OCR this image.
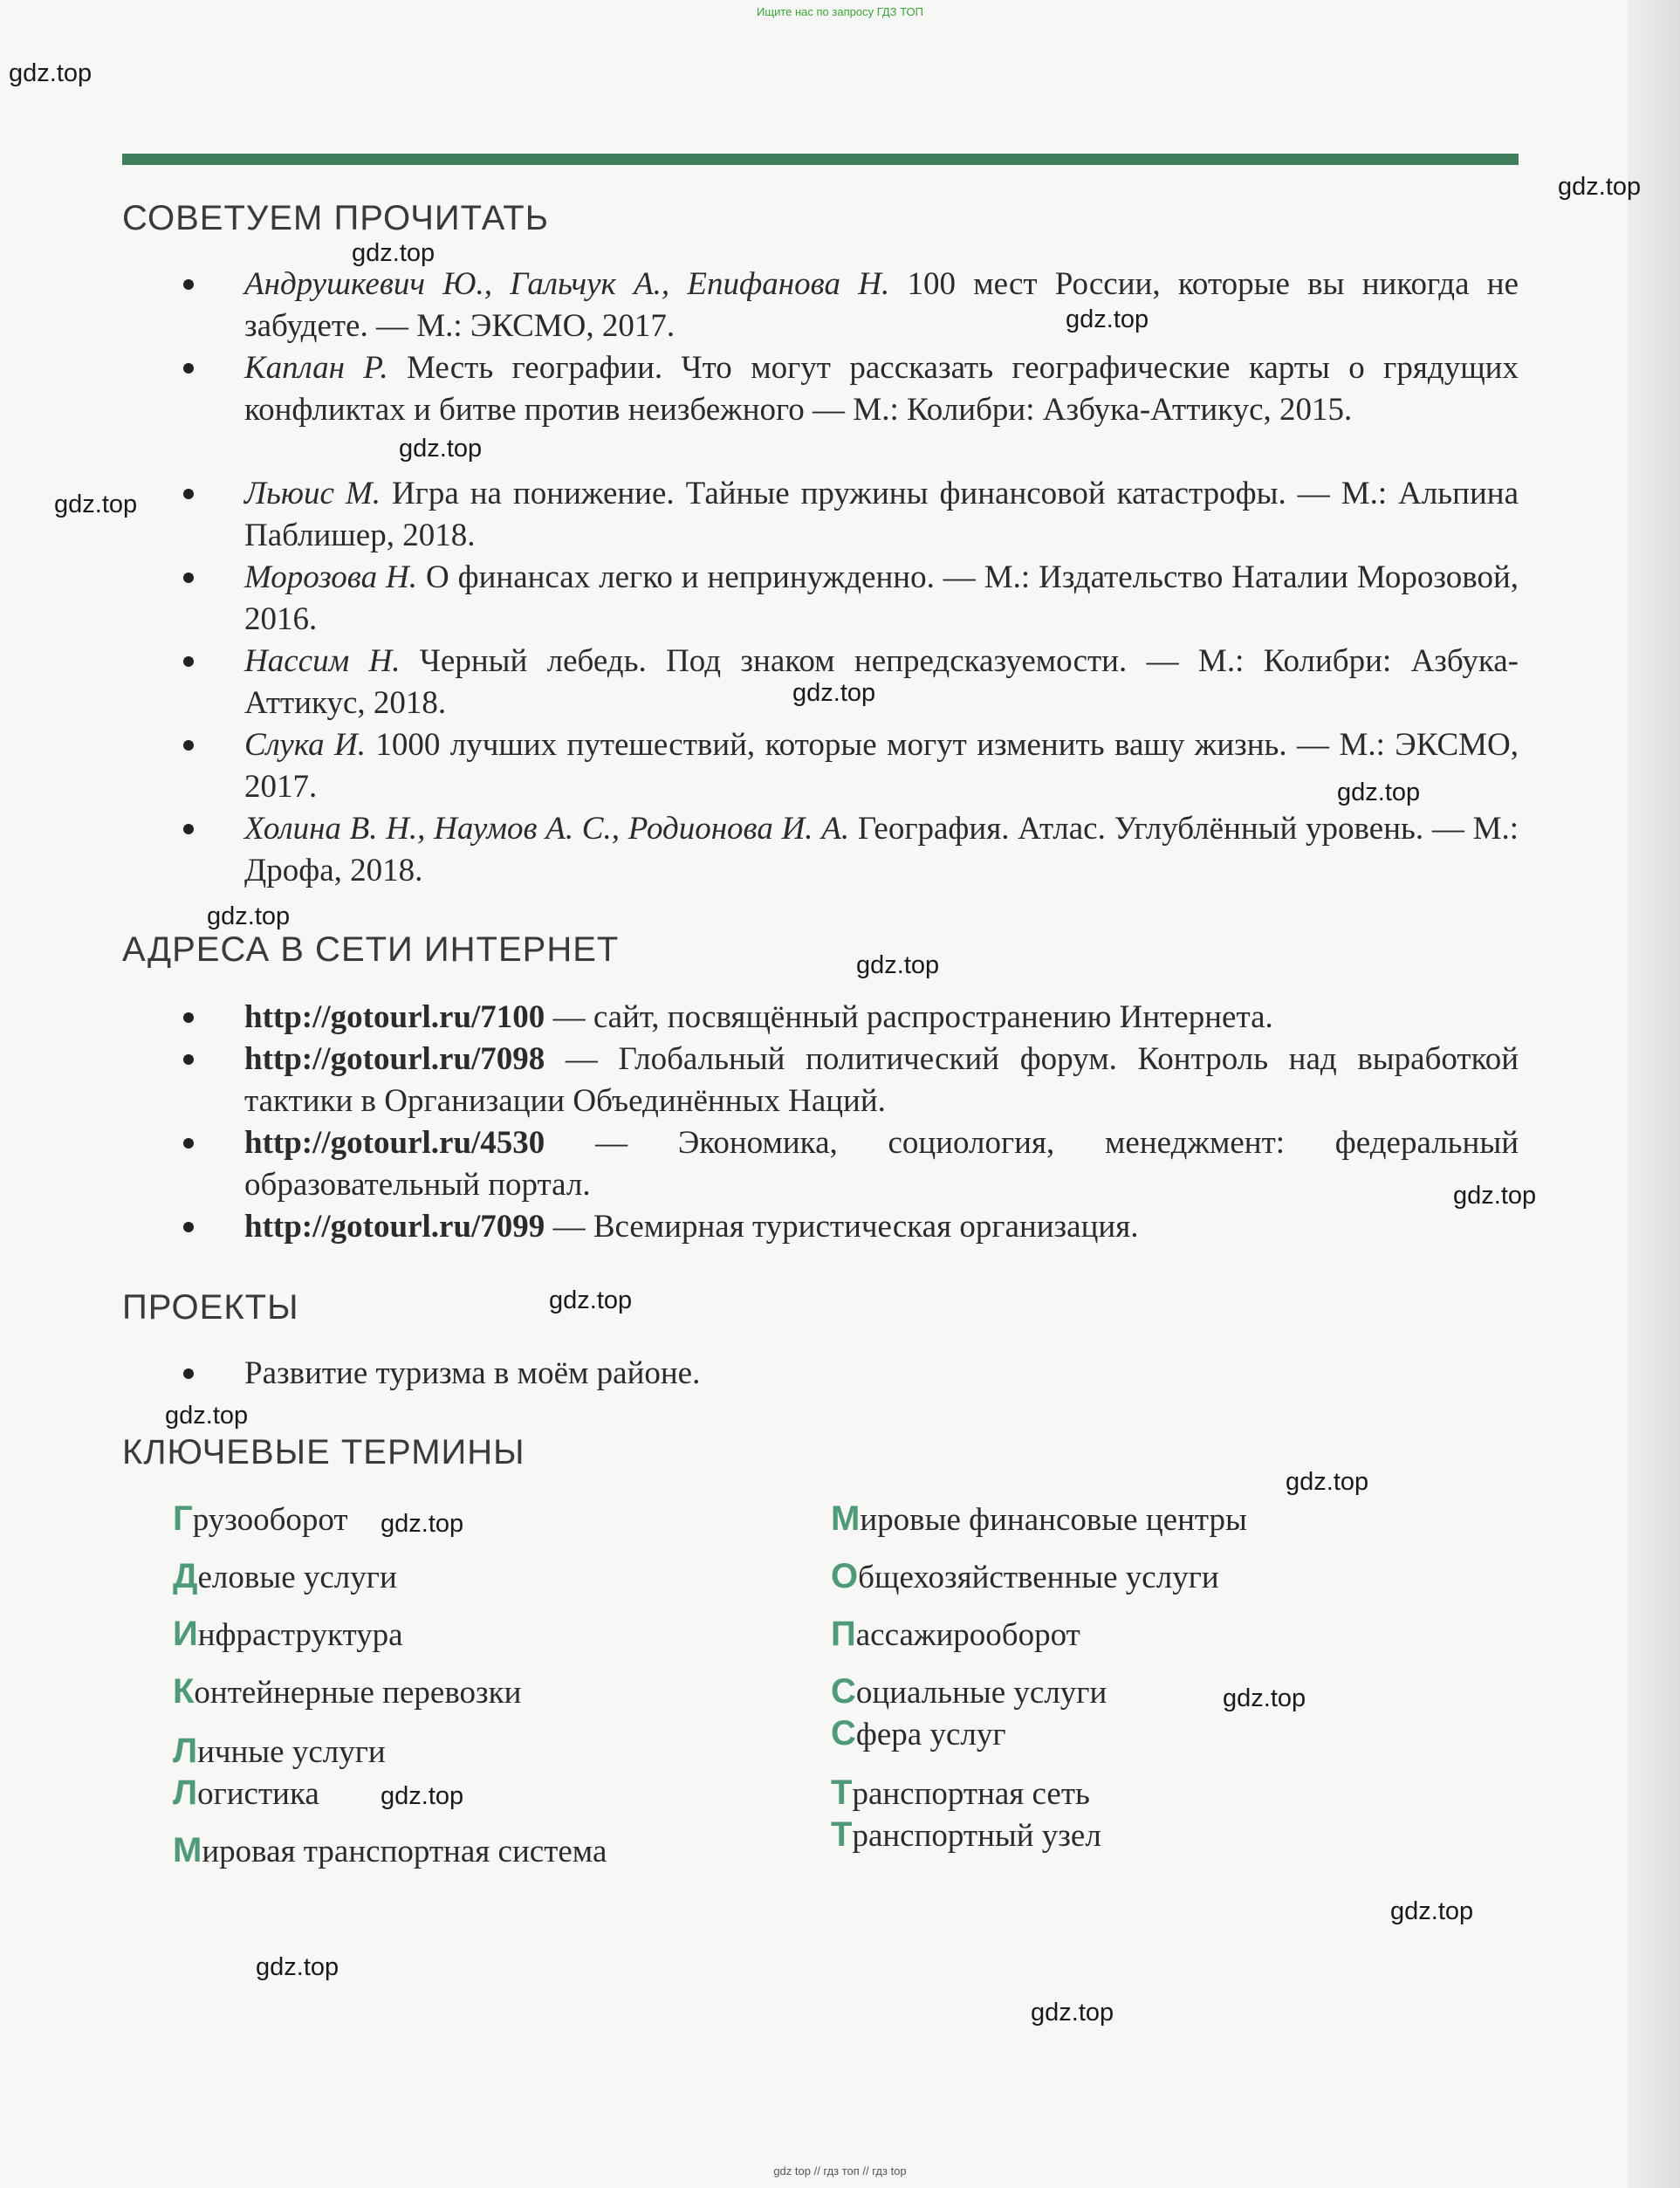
Ищите нас по запросу ГДЗ ТОП
СОВЕТУЕМ ПРОЧИТАТЬ
Андрушкевич Ю., Гальчук А., Епифанова Н. 100 мест России, которые вы никогда не забудете. — М.: ЭКСМО, 2017.
Каплан Р. Месть географии. Что могут рассказать географические карты о грядущих конфликтах и битве против неизбежного — М.: Колибри: Азбука-Аттикус, 2015.
Льюис М. Игра на понижение. Тайные пружины финансовой катастрофы. — М.: Альпина Паблишер, 2018.
Морозова Н. О финансах легко и непринужденно. — М.: Издательство Наталии Морозовой, 2016.
Нассим Н. Черный лебедь. Под знаком непредсказуемости. — М.: Колибри: Азбука-Аттикус, 2018.
Слука И. 1000 лучших путешествий, которые могут изменить вашу жизнь. — М.: ЭКСМО, 2017.
Холина В. Н., Наумов А. С., Родионова И. А. География. Атлас. Углублённый уровень. — М.: Дрофа, 2018.
АДРЕСА В СЕТИ ИНТЕРНЕТ
http://gotourl.ru/7100 — сайт, посвящённый распространению Интернета.
http://gotourl.ru/7098 — Глобальный политический форум. Контроль над выработкой тактики в Организации Объединённых Наций.
http://gotourl.ru/4530 — Экономика, социология, менеджмент: федеральный образовательный портал.
http://gotourl.ru/7099 — Всемирная туристическая организация.
ПРОЕКТЫ
Развитие туризма в моём районе.
КЛЮЧЕВЫЕ ТЕРМИНЫ
Грузооборот
Деловые услуги
Инфраструктура
Контейнерные перевозки
Личные услуги
Логистика
Мировая транспортная система
Мировые финансовые центры
Общехозяйственные услуги
Пассажирооборот
Социальные услуги
Сфера услуг
Транспортная сеть
Транспортный узел
gdz.top
gdz.top
gdz.top
gdz.top
gdz.top
gdz.top
gdz.top
gdz.top
gdz.top
gdz.top
gdz.top
gdz.top
gdz.top
gdz.top
gdz.top
gdz.top
gdz.top
gdz.top
gdz.top
gdz.top
gdz top // гдз топ // гдз top
